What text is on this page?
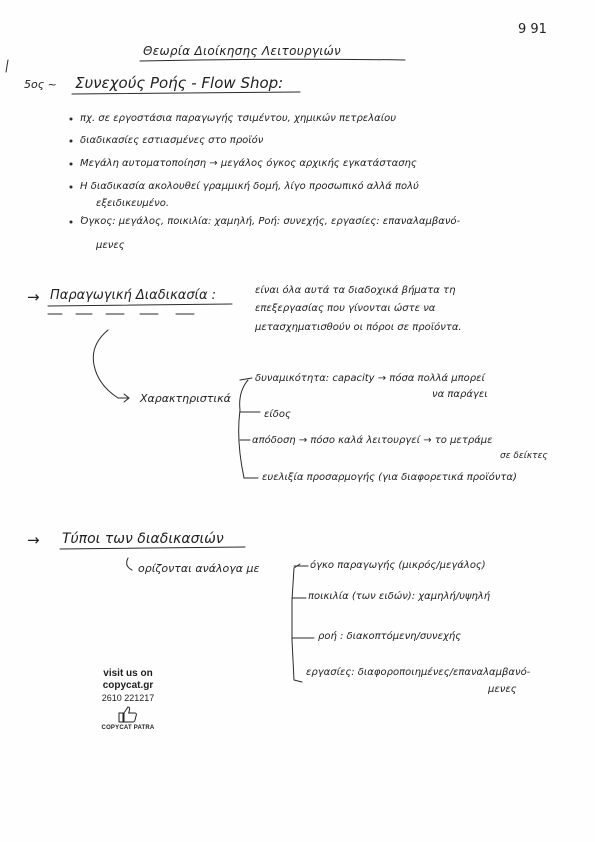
Θεωρία Διοίκησης Λειτουργιών
9 91
5ος ~ Συνεχούς Ροής - Flow Shop:
πχ. σε εργοστάσια παραγωγής τσιμέντου, χημικών πετρελαίου
διαδικασίες εστιασμένες στο προϊόν
Μεγάλη αυτοματοποίηση → μεγάλος όγκος αρχικής εγκατάστασης
Η διαδικασία ακολουθεί γραμμική δομή, λίγο προσωπικό αλλά πολύ
εξειδικευμένο.
Όγκος: μεγάλος, ποικιλία: χαμηλή, Ροή: συνεχής, εργασίες: επαναλαμβανό-
μενες
→ Παραγωγική Διαδικασία :	είναι όλα αυτά τα διαδοχικά βήματα τη
επεξεργασίας που γίνονται ώστε να
μετασχηματισθούν οι πόροι σε προϊόντα.
Χαρακτηριστικά
δυναμικότητα: capacity → πόσα πολλά μπορεί
να παράγει
είδος
απόδοση → πόσο καλά λειτουργεί → το μετράμε
σε δείκτες
ευελιξία προσαρμογής (για διαφορετικά προϊόντα)
→ Τύποι των διαδικασιών
ορίζονται ανάλογα με	όγκο παραγωγής (μικρός/μεγάλος)
ποικιλία (των ειδών): χαμηλή/υψηλή
ροή : διακοπτόμενη/συνεχής
εργασίες: διαφοροποιημένες/επαναλαμβανό-
μενες
visit us on
copycat.gr
2610 221217
COPYCAT PATRA
